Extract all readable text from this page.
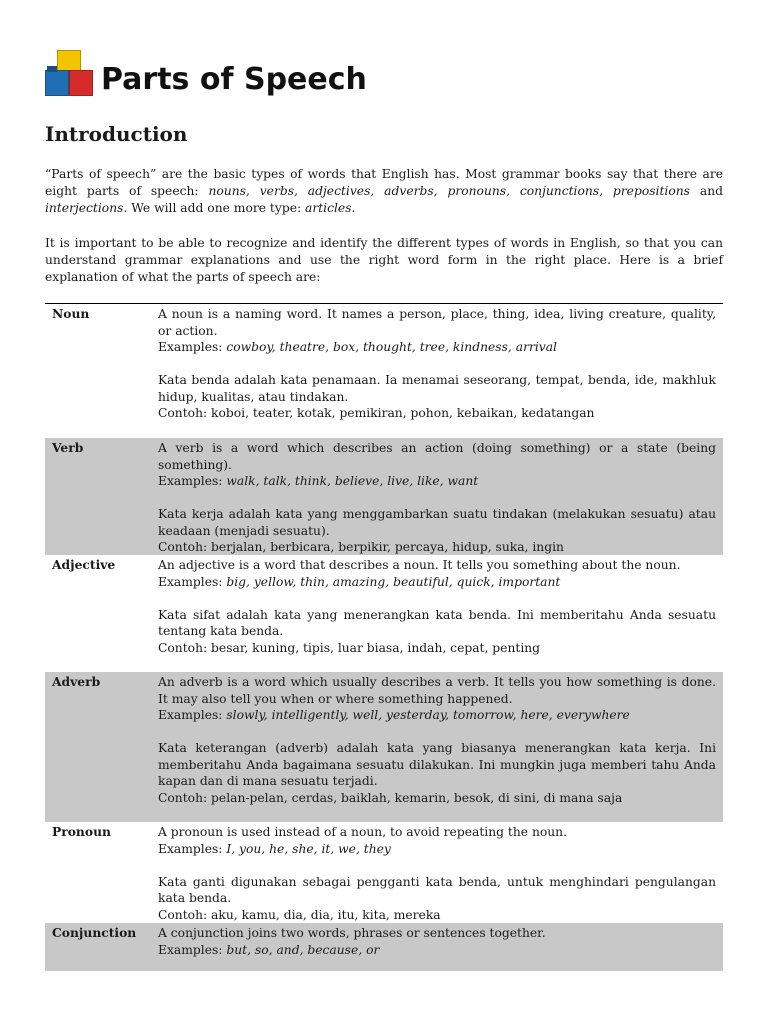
Parts of Speech
Introduction

“Parts of speech” are the basic types of words that English has. Most grammar books say that there are eight parts of speech: nouns, verbs, adjectives, adverbs, pronouns, conjunctions, prepositions and interjections. We will add one more type: articles.

It is important to be able to recognize and identify the different types of words in English, so that you can understand grammar explanations and use the right word form in the right place. Here is a brief explanation of what the parts of speech are:

Noun	A noun is a naming word. It names a person, place, thing, idea, living creature, quality, or action.

Examples: cowboy, theatre, box, thought, tree, kindness, arrival

Kata benda adalah kata penamaan. Ia menamai seseorang, tempat, benda, ide, makhluk hidup, kualitas, atau tindakan.

Contoh: koboi, teater, kotak, pemikiran, pohon, kebaikan, kedatangan

Verb	A verb is a word which describes an action (doing something) or a state (being something).

Examples: walk, talk, think, believe, live, like, want

Kata kerja adalah kata yang menggambarkan suatu tindakan (melakukan sesuatu) atau keadaan (menjadi sesuatu).

Contoh: berjalan, berbicara, berpikir, percaya, hidup, suka, ingin

Adjective	An adjective is a word that describes a noun. It tells you something about the noun.

Examples: big, yellow, thin, amazing, beautiful, quick, important

Kata sifat adalah kata yang menerangkan kata benda. Ini memberitahu Anda sesuatu tentang kata benda.

Contoh: besar, kuning, tipis, luar biasa, indah, cepat, penting

Adverb	An adverb is a word which usually describes a verb. It tells you how something is done. It may also tell you when or where something happened.

Examples: slowly, intelligently, well, yesterday, tomorrow, here, everywhere

Kata keterangan (adverb) adalah kata yang biasanya menerangkan kata kerja. Ini memberitahu Anda bagaimana sesuatu dilakukan. Ini mungkin juga memberi tahu Anda kapan dan di mana sesuatu terjadi.

Contoh: pelan-pelan, cerdas, baiklah, kemarin, besok, di sini, di mana saja

Pronoun	A pronoun is used instead of a noun, to avoid repeating the noun.

Examples: I, you, he, she, it, we, they

Kata ganti digunakan sebagai pengganti kata benda, untuk menghindari pengulangan kata benda.

Contoh: aku, kamu, dia, dia, itu, kita, mereka

Conjunction	A conjunction joins two words, phrases or sentences together.

Examples: but, so, and, because, or
